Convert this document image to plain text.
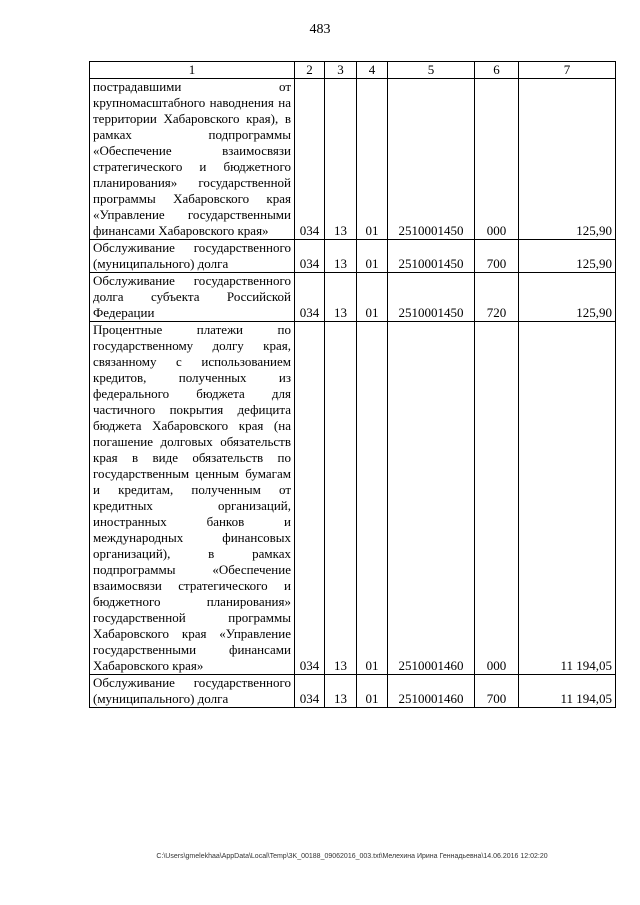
483
1	2	3	4	5	6	7
пострадавшими от крупномасштабного наводнения на территории Хабаровского края), в рамках подпрограммы «Обеспечение взаимосвязи стратегического и бюджетного планирования» государственной программы Хабаровского края «Управление государственными финансами Хабаровского края»	034	13	01	2510001450	000	125,90
Обслуживание государственного (муниципального) долга	034	13	01	2510001450	700	125,90
Обслуживание государственного долга субъекта Российской Федерации	034	13	01	2510001450	720	125,90
Процентные платежи по государственному долгу края, связанному с использованием кредитов, полученных из федерального бюджета для частичного покрытия дефицита бюджета Хабаровского края (на погашение долговых обязательств края в виде обязательств по государственным ценным бумагам и кредитам, полученным от кредитных организаций, иностранных банков и международных финансовых организаций), в рамках подпрограммы «Обеспечение взаимосвязи стратегического и бюджетного планирования» государственной программы Хабаровского края «Управление государственными финансами Хабаровского края»	034	13	01	2510001460	000	11 194,05
Обслуживание государственного (муниципального) долга	034	13	01	2510001460	700	11 194,05
C:\Users\gmelekhaa\AppData\Local\Temp\3K_00188_09062016_003.txt\Мелехина Ирина Геннадьевна\14.06.2016 12:02:20
